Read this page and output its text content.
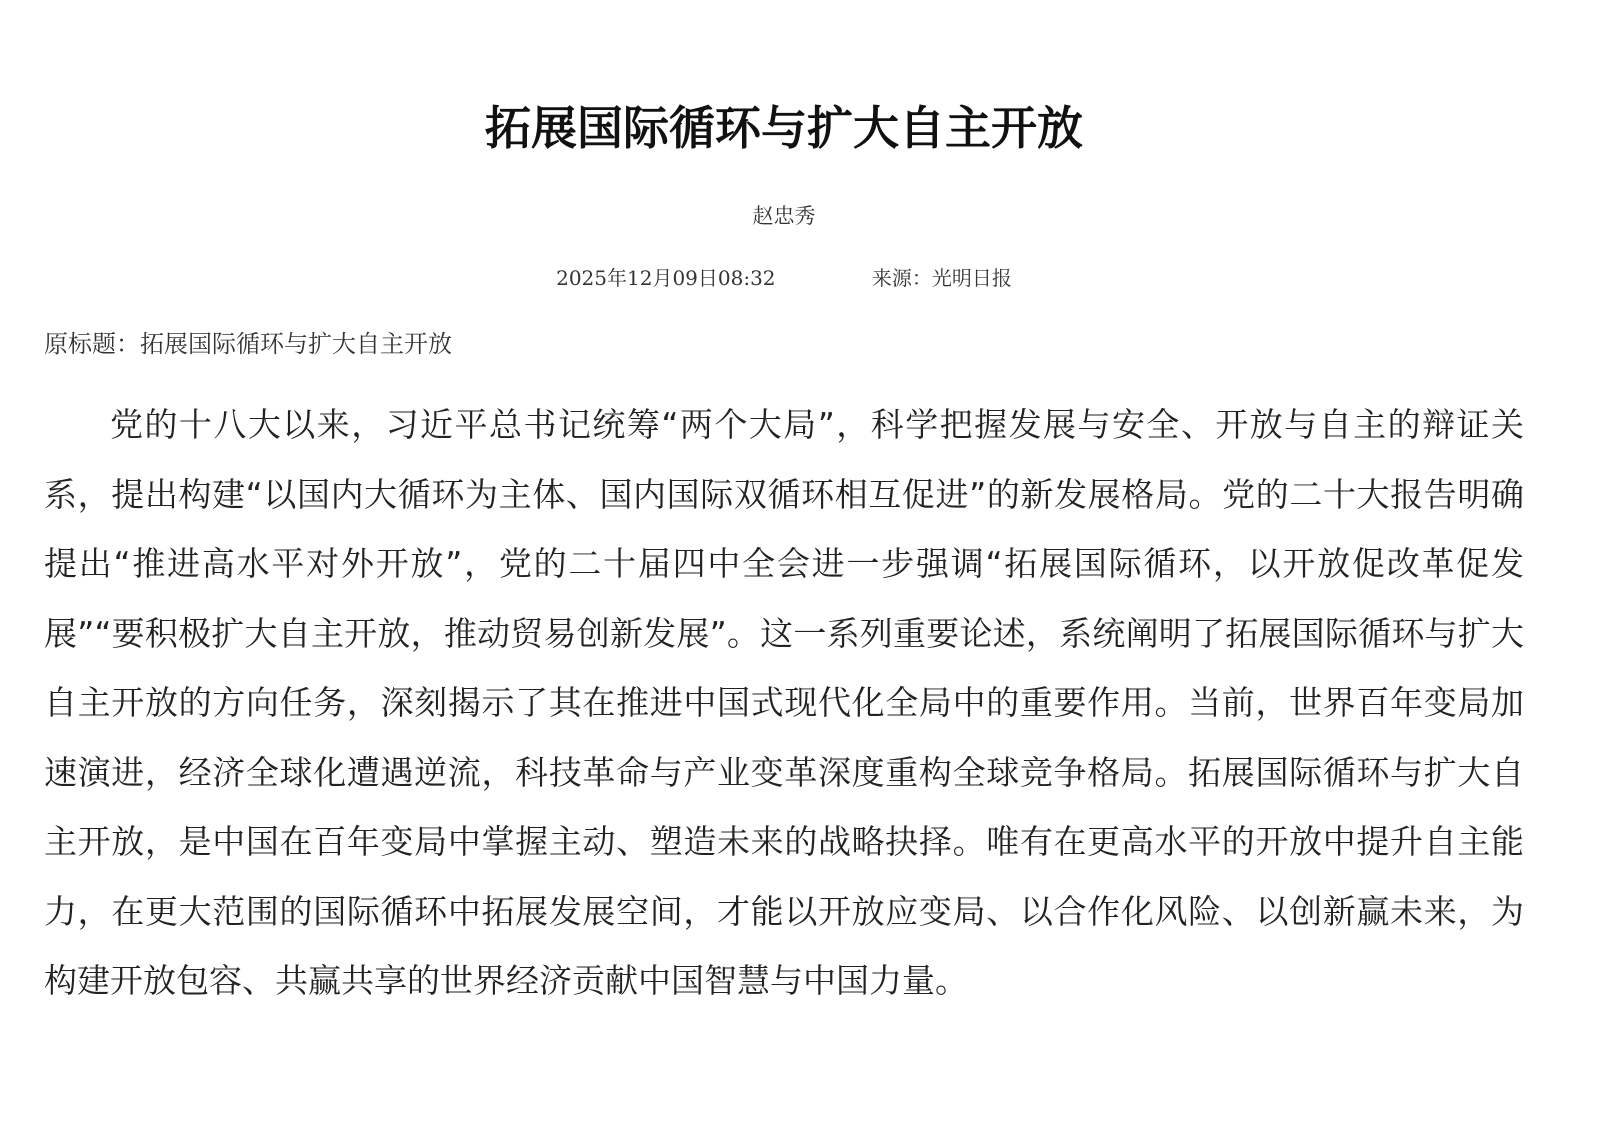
拓展国际循环与扩大自主开放
赵忠秀
2025年12月09日08:32	来源：光明日报
原标题：拓展国际循环与扩大自主开放

党的十八大以来，习近平总书记统筹“两个大局”，科学把握发展与安全、开放与自主的辩证关系，提出构建“以国内大循环为主体、国内国际双循环相互促进”的新发展格局。党的二十大报告明确提出“推进高水平对外开放”，党的二十届四中全会进一步强调“拓展国际循环，以开放促改革促发展”“要积极扩大自主开放，推动贸易创新发展”。这一系列重要论述，系统阐明了拓展国际循环与扩大自主开放的方向任务，深刻揭示了其在推进中国式现代化全局中的重要作用。当前，世界百年变局加速演进，经济全球化遭遇逆流，科技革命与产业变革深度重构全球竞争格局。拓展国际循环与扩大自主开放，是中国在百年变局中掌握主动、塑造未来的战略抉择。唯有在更高水平的开放中提升自主能力，在更大范围的国际循环中拓展发展空间，才能以开放应变局、以合作化风险、以创新赢未来，为构建开放包容、共赢共享的世界经济贡献中国智慧与中国力量。
